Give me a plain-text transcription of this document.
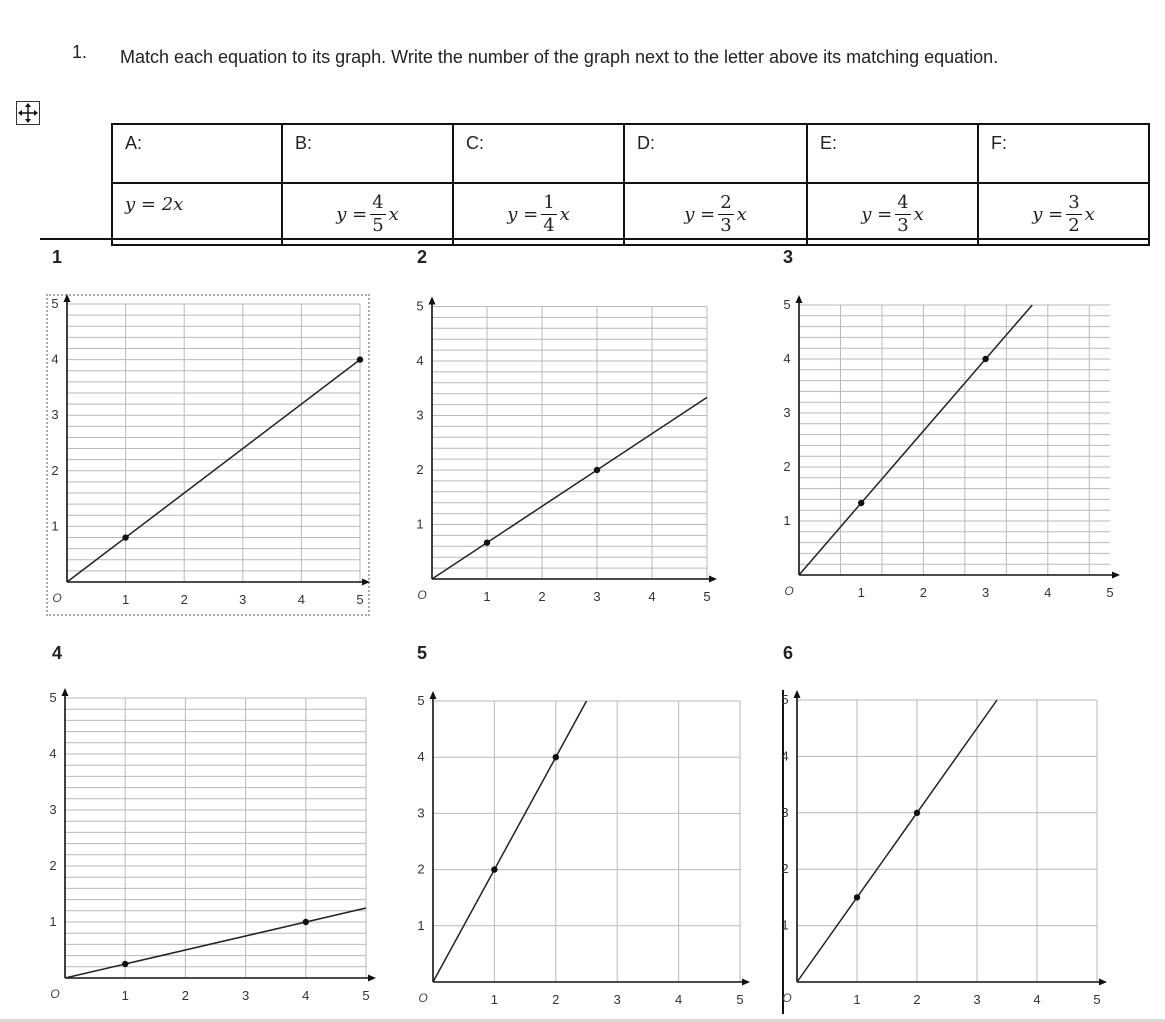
1. Match each equation to its graph. Write the number of the graph next to the letter above its matching equation.
A:	B:	C:	D:	E:	F:

y = 2x	$y = \frac{4}{5}$ x	$y = \frac{1}{4}$ x	$y = \frac{2}{3}$ x	$y = \frac{4}{3}$ x	$y = \frac{3}{2}$ x
1	2	3
4	5	6
1	2	3	4	5
1
2
3
4
5
O	1	2	3	4	5
1
2
3
4
5
O	1	2	3	4	5
1
2
3
4
5
O
1	2	3	4	5
1
2
3
4
5
O	1	2	3	4	5
1
2
3
4
5
O	1	2	3	4	5
1
2
3
4
5
O
